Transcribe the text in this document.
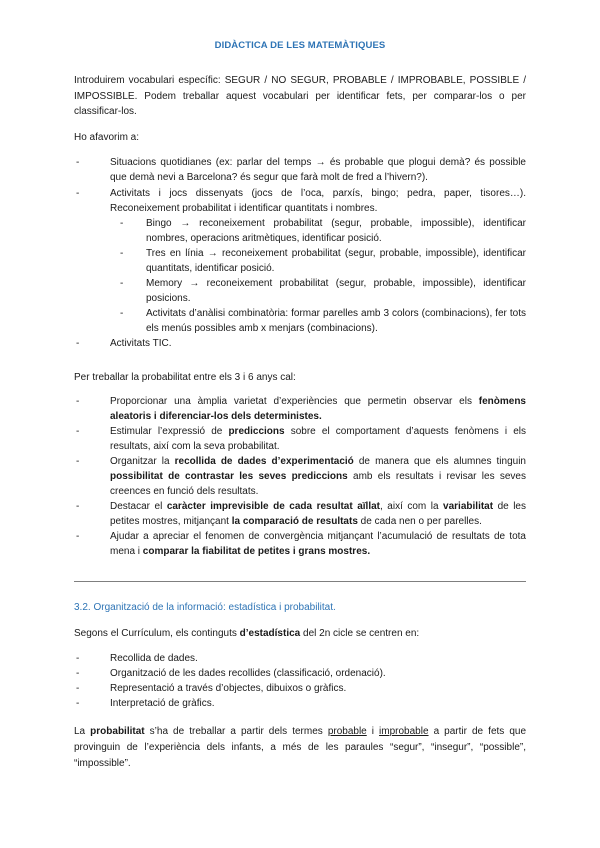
DIDÀCTICA DE LES MATEMÀTIQUES

Introduirem vocabulari específic: SEGUR / NO SEGUR, PROBABLE / IMPROBABLE, POSSIBLE / IMPOSSIBLE. Podem treballar aquest vocabulari per identificar fets, per comparar-los o per classificar-los.

Ho afavorim a:

-	Situacions quotidianes (ex: parlar del temps → és probable que plogui demà? és possible que demà nevi a Barcelona? és segur que farà molt de fred a l’hivern?).
-	Activitats i jocs dissenyats (jocs de l’oca, parxís, bingo; pedra, paper, tisores…). Reconeixement probabilitat i identificar quantitats i nombres.
- Bingo → reconeixement probabilitat (segur, probable, impossible), identificar nombres, operacions aritmètiques, identificar posició.
- Tres en línia → reconeixement probabilitat (segur, probable, impossible), identificar quantitats, identificar posició.
- Memory → reconeixement probabilitat (segur, probable, impossible), identificar posicions.
- Activitats d’anàlisi combinatòria: formar parelles amb 3 colors (combinacions), fer tots els menús possibles amb x menjars (combinacions).
-	Activitats TIC.

Per treballar la probabilitat entre els 3 i 6 anys cal:

-	Proporcionar una àmplia varietat d’experiències que permetin observar els fenòmens aleatoris i diferenciar-los dels deterministes.
-	Estimular l’expressió de prediccions sobre el comportament d’aquests fenòmens i els resultats, així com la seva probabilitat.
-	Organitzar la recollida de dades d’experimentació de manera que els alumnes tinguin possibilitat de contrastar les seves prediccions amb els resultats i revisar les seves creences en funció dels resultats.
-	Destacar el caràcter imprevisible de cada resultat aïllat, així com la variabilitat de les petites mostres, mitjançant la comparació de resultats de cada nen o per parelles.
-	Ajudar a apreciar el fenomen de convergència mitjançant l’acumulació de resultats de tota mena i comparar la fiabilitat de petites i grans mostres.
3.2. Organització de la informació: estadística i probabilitat.

Segons el Currículum, els continguts d’estadística del 2n cicle se centren en:

-	Recollida de dades.
-	Organització de les dades recollides (classificació, ordenació).
-	Representació a través d’objectes, dibuixos o gràfics.
-	Interpretació de gràfics.

La probabilitat s’ha de treballar a partir dels termes probable i improbable a partir de fets que provinguin de l’experiència dels infants, a més de les paraules “segur”, “insegur”, “possible”, “impossible”.
